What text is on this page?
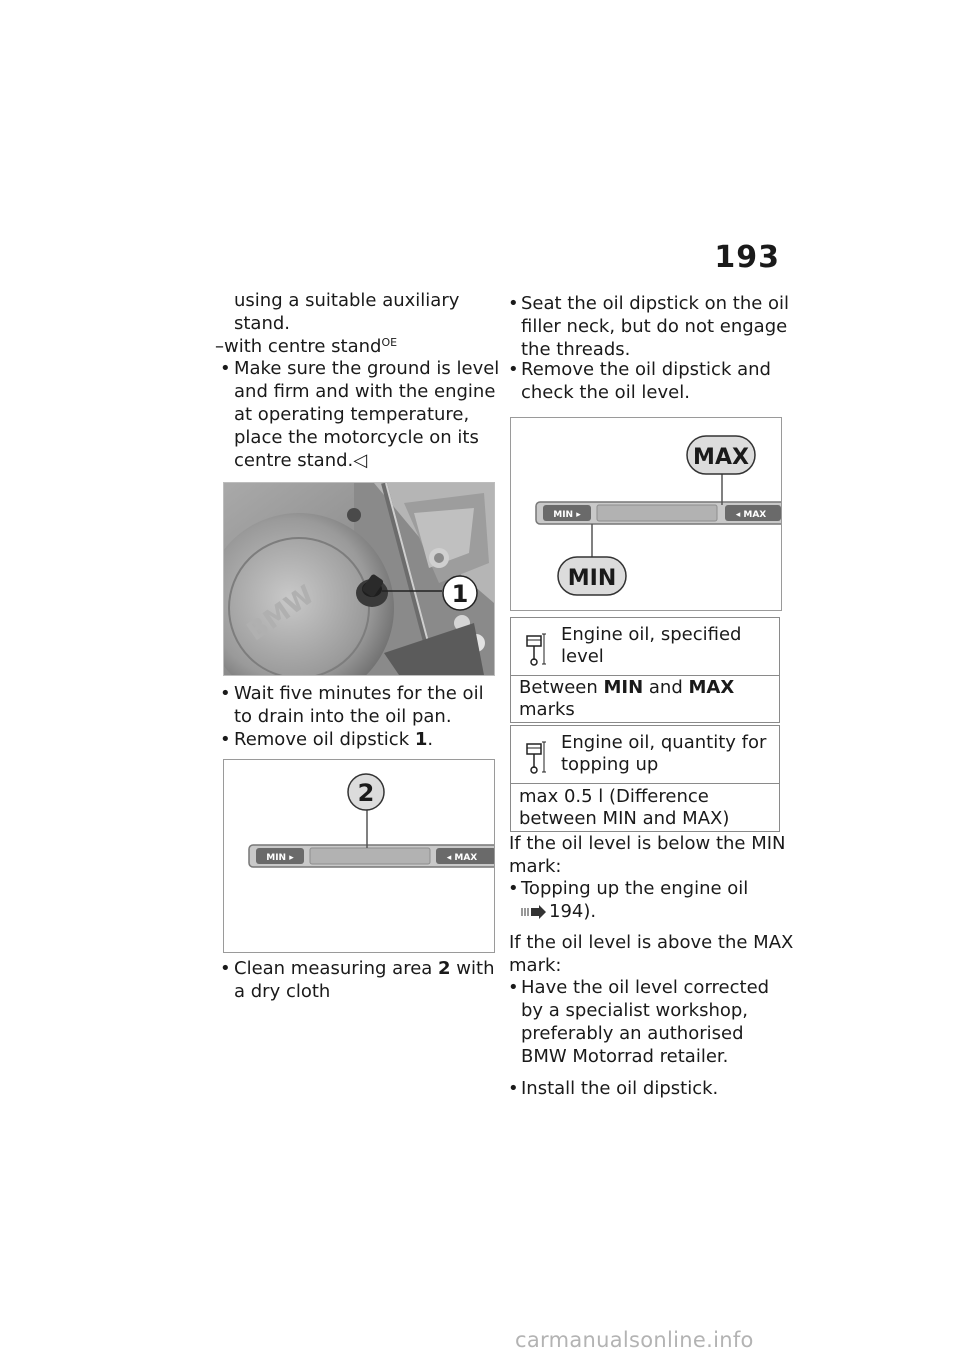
193
using a suitable auxiliary
stand.
–with centre stand$^{OE}$
• Make sure the ground is level
and firm and with the engine
at operating temperature,
place the motorcycle on its
centre stand.◁
BMW	1
• Wait five minutes for the oil
to drain into the oil pan.
• Remove oil dipstick 1.
MIN ▸	◂ MAX
2
• Clean measuring area 2 with
a dry cloth
• Seat the oil dipstick on the oil
filler neck, but do not engage
the threads.
• Remove the oil dipstick and
check the oil level.
MIN ▸	◂ MAX
MAX
MIN
Engine oil, specified
level
Between MIN and MAX
marks
Engine oil, quantity for
topping up
max 0.5 l (Difference
between MIN and MAX)
If the oil level is below the MIN
mark:
• Topping up the engine oil
194).
If the oil level is above the MAX
mark:
• Have the oil level corrected
by a specialist workshop,
preferably an authorised
BMW Motorrad retailer.
• Install the oil dipstick.
carmanualsonline.info
